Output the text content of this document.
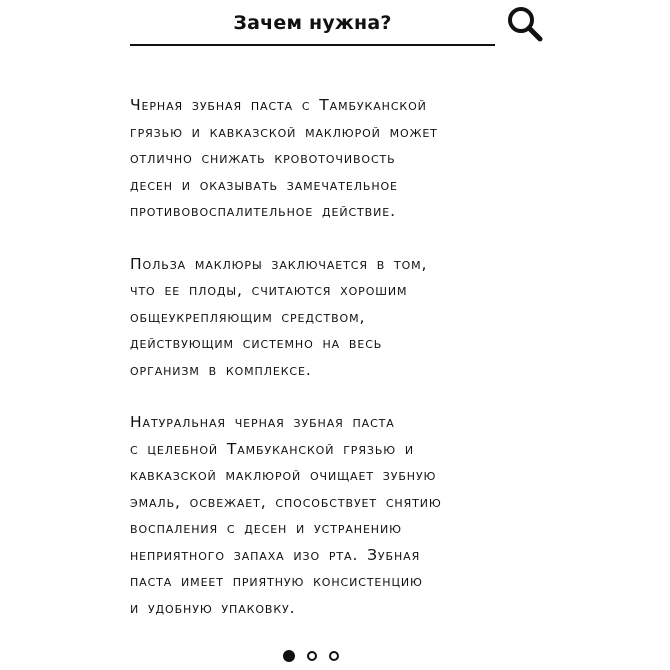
Зачем нужна?

Черная зубная паста с Тамбуканской
грязью и кавказской маклюрой может
отлично снижать кровоточивость
десен и оказывать замечательное
противовоспалительное действие.

Польза маклюры заключается в том,
что ее плоды, считаются хорошим
общеукрепляющим средством,
действующим системно на весь
организм в комплексе.

Натуральная черная зубная паста
с целебной Тамбуканской грязью и
кавказской маклюрой очищает зубную
эмаль, освежает, способствует снятию
воспаления с десен и устранению
неприятного запаха изо рта. Зубная
паста имеет приятную консистенцию
и удобную упаковку.
